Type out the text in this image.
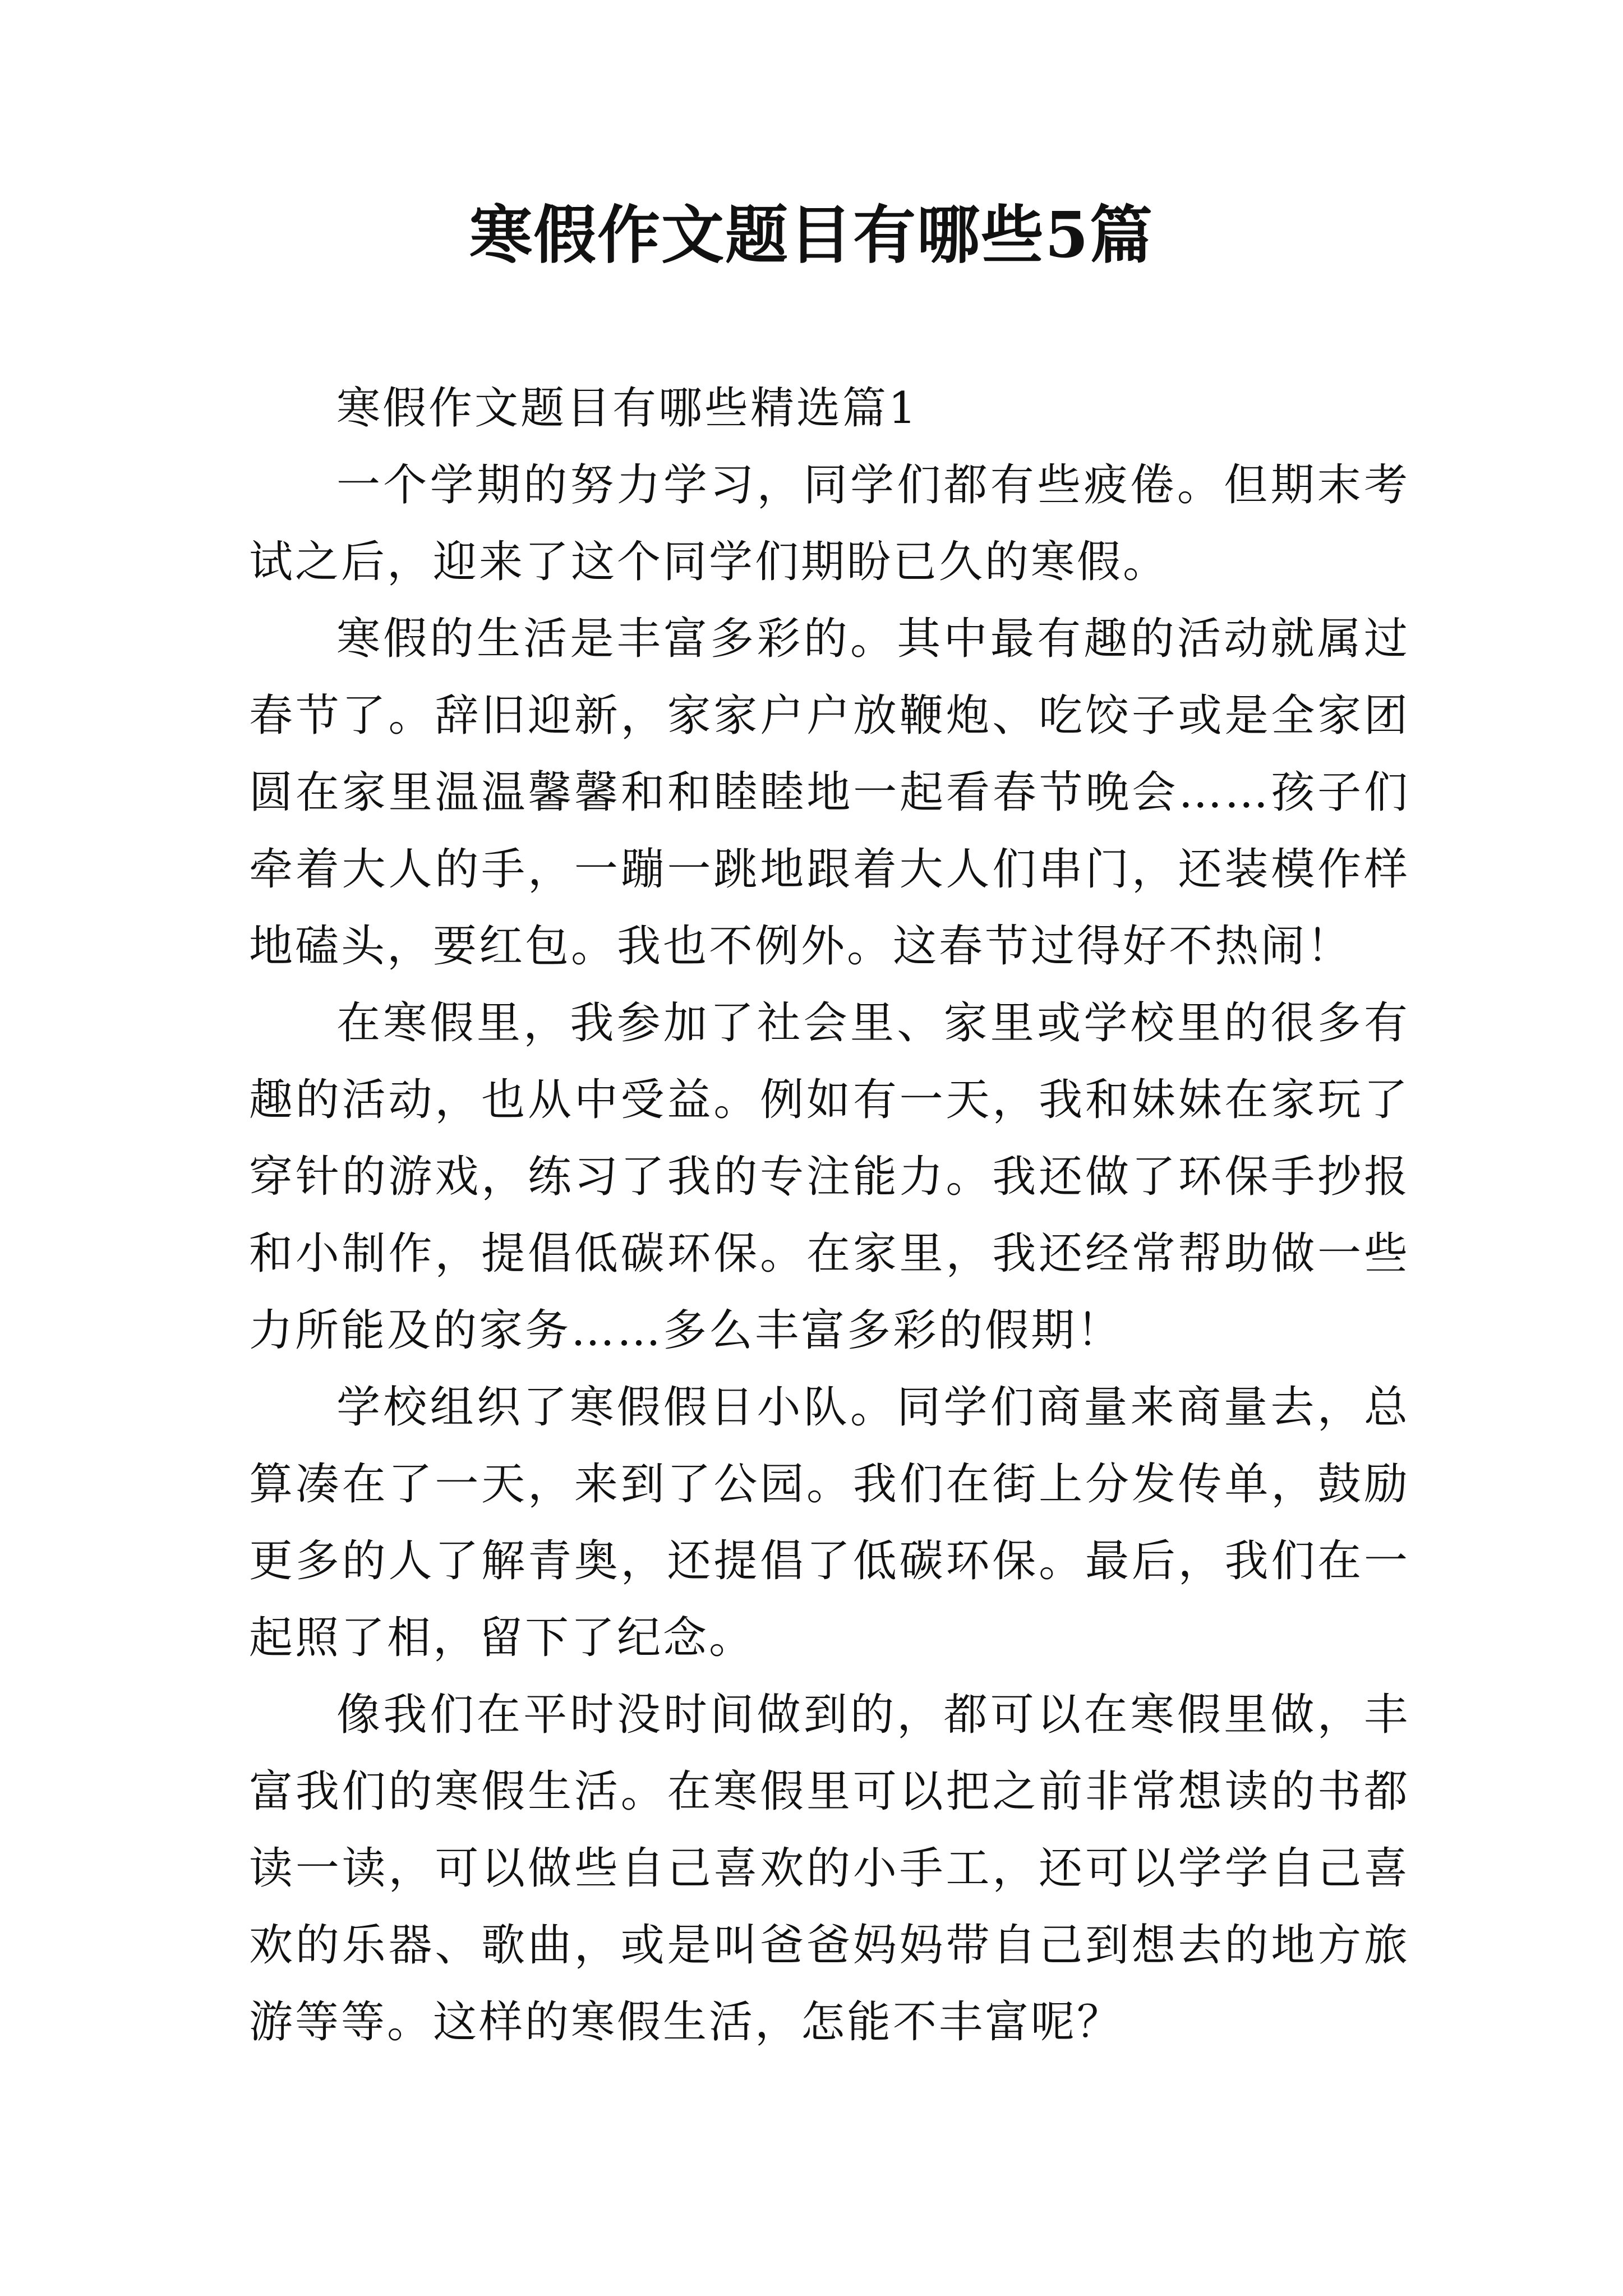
寒假作文题目有哪些5篇

寒假作文题目有哪些精选篇1

一个学期的努力学习，同学们都有些疲倦。但期末考试之后，迎来了这个同学们期盼已久的寒假。

寒假的生活是丰富多彩的。其中最有趣的活动就属过春节了。辞旧迎新，家家户户放鞭炮、吃饺子或是全家团圆在家里温温馨馨和和睦睦地一起看春节晚会……孩子们牵着大人的手，一蹦一跳地跟着大人们串门，还装模作样地磕头，要红包。我也不例外。这春节过得好不热闹！

在寒假里，我参加了社会里、家里或学校里的很多有趣的活动，也从中受益。例如有一天，我和妹妹在家玩了穿针的游戏，练习了我的专注能力。我还做了环保手抄报和小制作，提倡低碳环保。在家里，我还经常帮助做一些力所能及的家务……多么丰富多彩的假期！

学校组织了寒假假日小队。同学们商量来商量去，总算凑在了一天，来到了公园。我们在街上分发传单，鼓励更多的人了解青奥，还提倡了低碳环保。最后，我们在一起照了相，留下了纪念。

像我们在平时没时间做到的，都可以在寒假里做，丰富我们的寒假生活。在寒假里可以把之前非常想读的书都读一读，可以做些自己喜欢的小手工，还可以学学自己喜欢的乐器、歌曲，或是叫爸爸妈妈带自己到想去的地方旅游等等。这样的寒假生活，怎能不丰富呢？
